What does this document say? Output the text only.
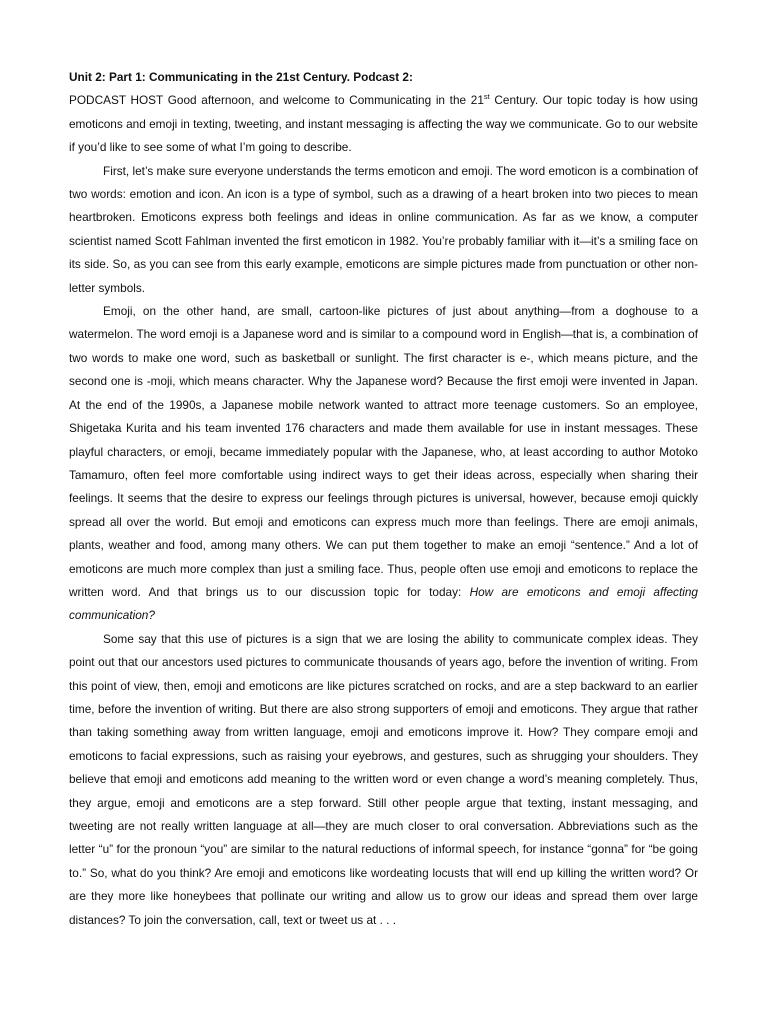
Unit 2: Part 1: Communicating in the 21st Century. Podcast 2:

PODCAST HOST Good afternoon, and welcome to Communicating in the 21st Century. Our topic today is how using emoticons and emoji in texting, tweeting, and instant messaging is affecting the way we communicate. Go to our website if you’d like to see some of what I’m going to describe.

First, let’s make sure everyone understands the terms emoticon and emoji. The word emoticon is a combination of two words: emotion and icon. An icon is a type of symbol, such as a drawing of a heart broken into two pieces to mean heartbroken. Emoticons express both feelings and ideas in online communication. As far as we know, a computer scientist named Scott Fahlman invented the first emoticon in 1982. You’re probably familiar with it—it’s a smiling face on its side. So, as you can see from this early example, emoticons are simple pictures made from punctuation or other non-letter symbols.

Emoji, on the other hand, are small, cartoon-like pictures of just about anything—from a doghouse to a watermelon. The word emoji is a Japanese word and is similar to a compound word in English—that is, a combination of two words to make one word, such as basketball or sunlight. The first character is e-, which means picture, and the second one is -moji, which means character. Why the Japanese word? Because the first emoji were invented in Japan. At the end of the 1990s, a Japanese mobile network wanted to attract more teenage customers. So an employee, Shigetaka Kurita and his team invented 176 characters and made them available for use in instant messages. These playful characters, or emoji, became immediately popular with the Japanese, who, at least according to author Motoko Tamamuro, often feel more comfortable using indirect ways to get their ideas across, especially when sharing their feelings. It seems that the desire to express our feelings through pictures is universal, however, because emoji quickly spread all over the world. But emoji and emoticons can express much more than feelings. There are emoji animals, plants, weather and food, among many others. We can put them together to make an emoji “sentence.” And a lot of emoticons are much more complex than just a smiling face. Thus, people often use emoji and emoticons to replace the written word. And that brings us to our discussion topic for today: How are emoticons and emoji affecting communication?

Some say that this use of pictures is a sign that we are losing the ability to communicate complex ideas. They point out that our ancestors used pictures to communicate thousands of years ago, before the invention of writing. From this point of view, then, emoji and emoticons are like pictures scratched on rocks, and are a step backward to an earlier time, before the invention of writing. But there are also strong supporters of emoji and emoticons. They argue that rather than taking something away from written language, emoji and emoticons improve it. How? They compare emoji and emoticons to facial expressions, such as raising your eyebrows, and gestures, such as shrugging your shoulders. They believe that emoji and emoticons add meaning to the written word or even change a word’s meaning completely. Thus, they argue, emoji and emoticons are a step forward. Still other people argue that texting, instant messaging, and tweeting are not really written language at all—they are much closer to oral conversation. Abbreviations such as the letter “u” for the pronoun “you” are similar to the natural reductions of informal speech, for instance “gonna” for “be going to.” So, what do you think? Are emoji and emoticons like wordeating locusts that will end up killing the written word? Or are they more like honeybees that pollinate our writing and allow us to grow our ideas and spread them over large distances? To join the conversation, call, text or tweet us at . . .
